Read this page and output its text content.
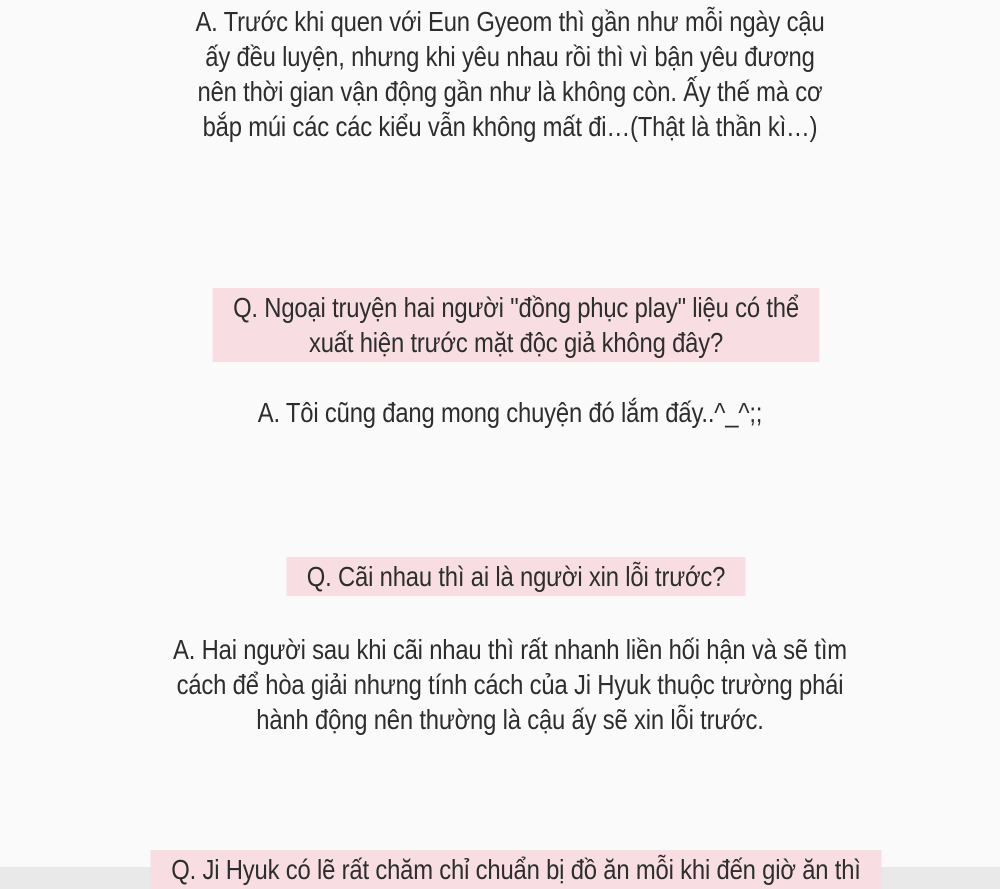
A. Trước khi quen với Eun Gyeom thì gần như mỗi ngày cậu
ấy đều luyện, nhưng khi yêu nhau rồi thì vì bận yêu đương
nên thời gian vận động gần như là không còn. Ấy thế mà cơ
bắp múi các các kiểu vẫn không mất đi…(Thật là thần kì…)
Q. Ngoại truyện hai người "đồng phục play" liệu có thể
xuất hiện trước mặt độc giả không đây?
A. Tôi cũng đang mong chuyện đó lắm đấy..^_^;;
Q. Cãi nhau thì ai là người xin lỗi trước?
A. Hai người sau khi cãi nhau thì rất nhanh liền hối hận và sẽ tìm
cách để hòa giải nhưng tính cách của Ji Hyuk thuộc trường phái
hành động nên thường là cậu ấy sẽ xin lỗi trước.
Q. Ji Hyuk có lẽ rất chăm chỉ chuẩn bị đồ ăn mỗi khi đến giờ ăn thì
